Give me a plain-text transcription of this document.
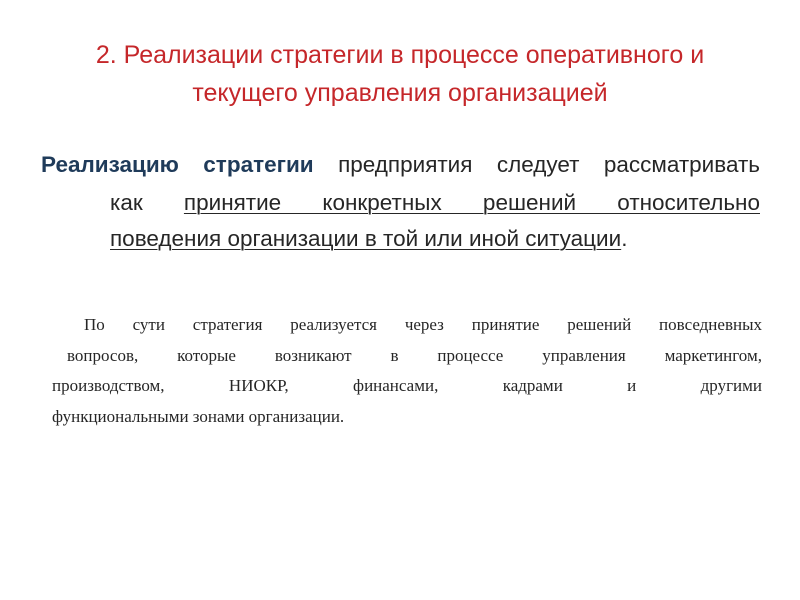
2. Реализации стратегии в процессе оперативного и
текущего управления организацией
Реализацию стратегии предприятия следует рассматривать
как принятие конкретных решений относительно
поведения организации в той или иной ситуации.
По сути стратегия реализуется через принятие решений повседневных
вопросов, которые возникают в процессе управления маркетингом,
производством, НИОКР, финансами, кадрами и другими
функциональными зонами организации.
